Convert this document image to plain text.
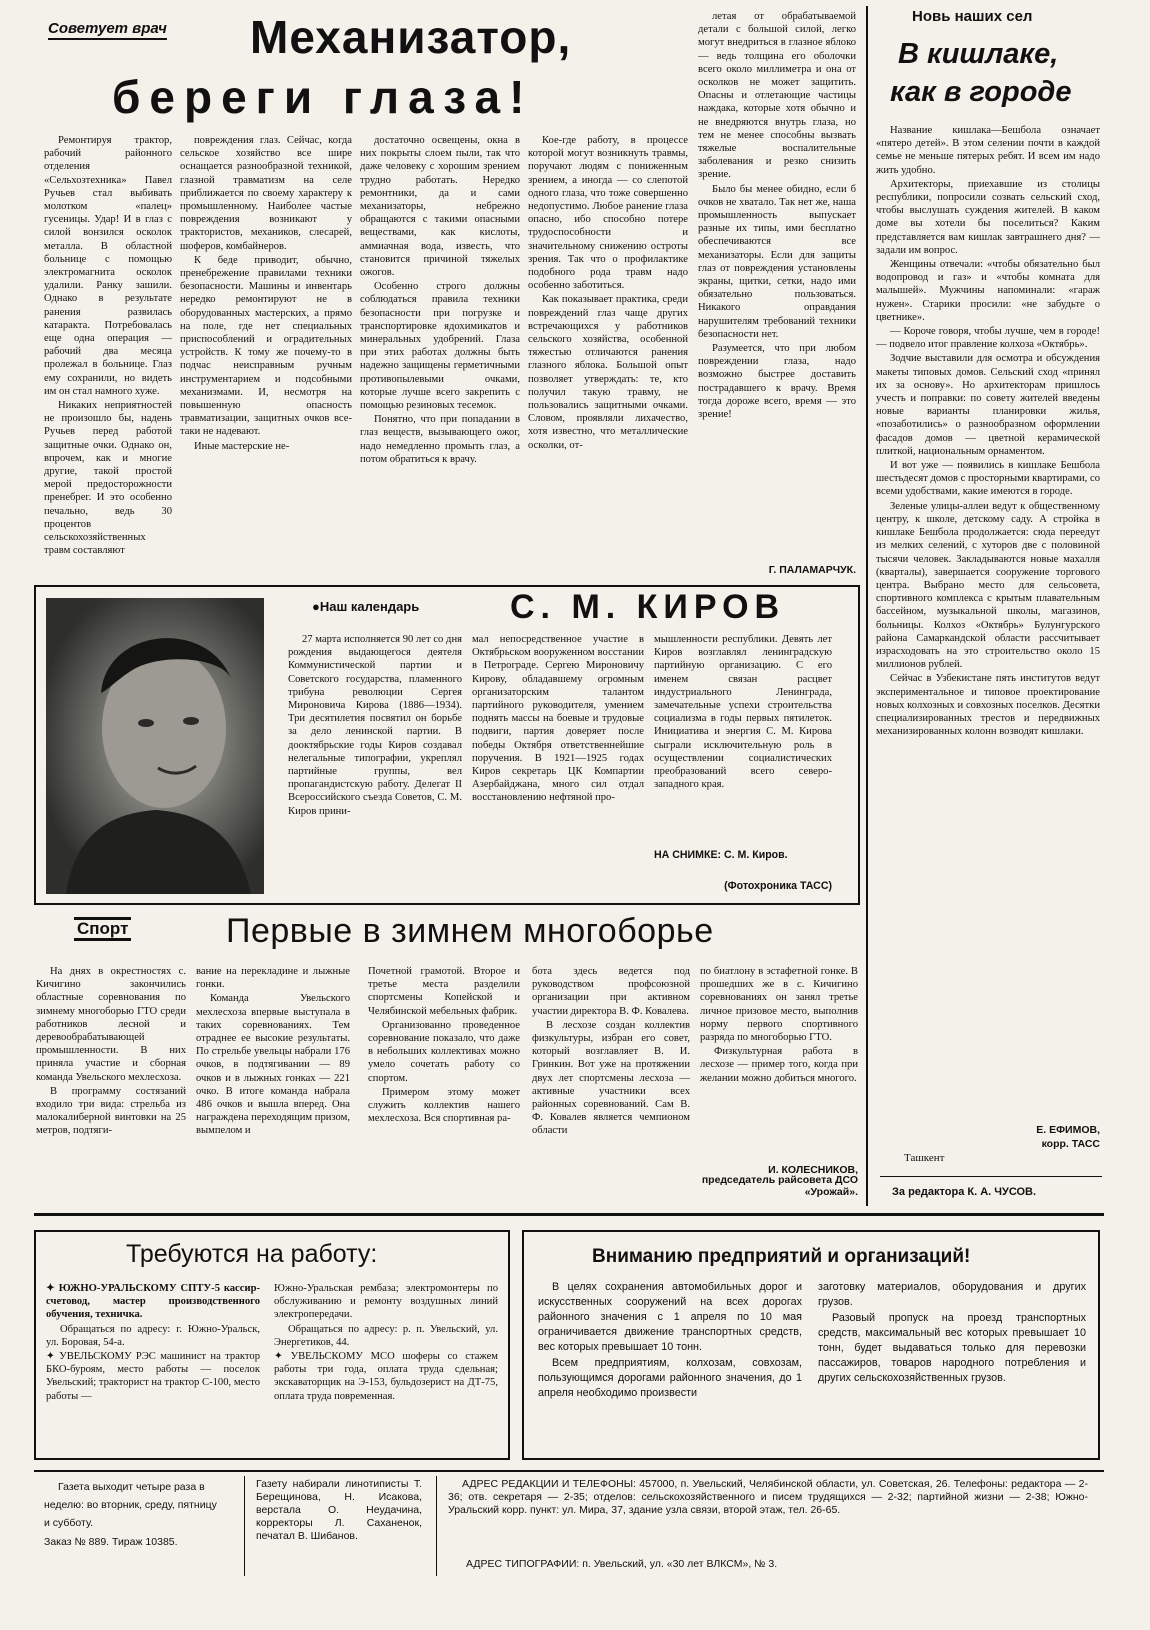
Советует врач Механизатор,
береги глаза!

Ремонтируя трактор, рабочий районного отделения «Сельхозтехника» Павел Ручьев стал выбивать молотком «палец» гусеницы. Удар! И в глаз с силой вонзился осколок металла. В областной больнице с помощью электромагнита осколок удалили. Ранку зашили. Однако в результате ранения развилась катаракта. Потребовалась еще одна операция — рабочий два месяца пролежал в больнице. Глаз ему сохранили, но видеть им он стал намного хуже.

Никаких неприятностей не произошло бы, надень Ручьев перед работой защитные очки. Однако он, впрочем, как и многие другие, такой простой мерой предосторожности пренебрег. И это особенно печально, ведь 30 процентов сельскохозяйственных травм составляют

повреждения глаз. Сейчас, когда сельское хозяйство все шире оснащается разнообразной техникой, глазной травматизм на селе приближается по своему характеру к промышленному. Наиболее частые повреждения возникают у трактористов, механиков, слесарей, шоферов, комбайнеров.

К беде приводит, обычно, пренебрежение правилами техники безопасности. Машины и инвентарь нередко ремонтируют не в оборудованных мастерских, а прямо на поле, где нет специальных приспособлений и оградительных устройств. К тому же почему-то в подчас неисправным ручным инструментарием и подсобными механизмами. И, несмотря на повышенную опасность травматизации, защитных очков все-таки не надевают.

Иные мастерские не-

достаточно освещены, окна в них покрыты слоем пыли, так что даже человеку с хорошим зрением трудно работать. Нередко ремонтники, да и сами механизаторы, небрежно обращаются с такими опасными веществами, как кислоты, аммиачная вода, известь, что становится причиной тяжелых ожогов.

Особенно строго должны соблюдаться правила техники безопасности при погрузке и транспортировке ядохимикатов и минеральных удобрений. Глаза при этих работах должны быть надежно защищены герметичными противопылевыми очками, которые лучше всего закрепить с помощью резиновых тесемок.

Понятно, что при попадании в глаз веществ, вызывающего ожог, надо немедленно промыть глаз, а потом обратиться к врачу.

Кое-где работу, в процессе которой могут возникнуть травмы, поручают людям с пониженным зрением, а иногда — со слепотой одного глаза, что тоже совершенно недопустимо. Любое ранение глаза опасно, ибо способно потере трудоспособности и значительному снижению остроты зрения. Так что о профилактике подобного рода травм надо особенно заботиться.

Как показывает практика, среди повреждений глаз чаще других встречающихся у работников сельского хозяйства, особенной тяжестью отличаются ранения глазного яблока. Большой опыт позволяет утверждать: те, кто получил такую травму, не пользовались защитными очками. Словом, проявляли лихачество, хотя известно, что металлические осколки, от-

летая от обрабатываемой детали с большой силой, легко могут внедриться в глазное яблоко — ведь толщина его оболочки всего около миллиметра и она от осколков не может защитить. Опасны и отлетающие частицы наждака, которые хотя обычно и не внедряются внутрь глаза, но тем не менее способны вызвать тяжелые воспалительные заболевания и резко снизить зрение.

Было бы менее обидно, если б очков не хватало. Так нет же, наша промышленность выпускает разные их типы, ими бесплатно обеспечиваются все механизаторы. Если для защиты глаз от повреждения установлены экраны, щитки, сетки, надо ими обязательно пользоваться. Никакого оправдания нарушителям требований техники безопасности нет.

Разумеется, что при любом повреждении глаза, надо возможно быстрее доставить пострадавшего к врачу. Время тогда дороже всего, время — это зрение!

Г. ПАЛАМАРЧУК.
●Наш календарь	С. М. КИРОВ

27 марта исполняется 90 лет со дня рождения выдающегося деятеля Коммунистической партии и Советского государства, пламенного трибуна революции Сергея Мироновича Кирова (1886—1934). Три десятилетия посвятил он борьбе за дело ленинской партии. В дооктябрьские годы Киров создавал нелегальные типографии, укреплял партийные группы, вел пропагандистскую работу. Делегат II Всероссийского съезда Советов, С. М. Киров прини-

мал непосредственное участие в Октябрьском вооруженном восстании в Петрограде. Сергею Мироновичу Кирову, обладавшему огромным организаторским талантом партийного руководителя, умением поднять массы на боевые и трудовые подвиги, партия доверяет после победы Октября ответственнейшие поручения. В 1921—1925 годах Киров секретарь ЦК Компартии Азербайджана, много сил отдал восстановлению нефтяной про-

мышленности республики. Девять лет Киров возглавлял ленинградскую партийную организацию. С его именем связан расцвет индустриального Ленинграда, замечательные успехи строительства социализма в годы первых пятилеток. Инициатива и энергия С. М. Кирова сыграли исключительную роль в осуществлении социалистических преобразований всего северо-западного края.

НА СНИМКЕ: С. М. Киров.
(Фотохроника ТАСС)
Спорт	Первые в зимнем многоборье

На днях в окрестностях с. Кичигино закончились областные соревнования по зимнему многоборью ГТО среди работников лесной и деревообрабатывающей промышленности. В них приняла участие и сборная команда Увельского мехлесхоза.

В программу состязаний входило три вида: стрельба из малокалиберной винтовки на 25 метров, подтяги-

вание на перекладине и лыжные гонки.

Команда Увельского мехлесхоза впервые выступала в таких соревнованиях. Тем отраднее ее высокие результаты. По стрельбе увельцы набрали 176 очков, в подтягивании — 89 очков и в лыжных гонках — 221 очко. В итоге команда набрала 486 очков и вышла вперед. Она награждена переходящим призом, вымпелом и

Почетной грамотой. Второе и третье места разделили спортсмены Копейской и Челябинской мебельных фабрик.

Организованно проведенное соревнование показало, что даже в небольших коллективах можно умело сочетать работу со спортом.

Примером этому может служить коллектив нашего мехлесхоза. Вся спортивная ра-

бота здесь ведется под руководством профсоюзной организации при активном участии директора В. Ф. Ковалева.

В лесхозе создан коллектив физкультуры, избран его совет, который возглавляет В. И. Гринкин. Вот уже на протяжении двух лет спортсмены лесхоза — активные участники всех районных соревнований. Сам В. Ф. Ковалев является чемпионом области

по биатлону в эстафетной гонке. В прошедших же в с. Кичигино соревнованиях он занял третье личное призовое место, выполнив норму первого спортивного разряда по многоборью ГТО.

Физкультурная работа в лесхозе — пример того, когда при желании можно добиться многого.

И. КОЛЕСНИКОВ,
председатель райсовета ДСО «Урожай».
Новь наших сел
В кишлаке,
как в городе

Название кишлака—Бешбола означает «пятеро детей». В этом селении почти в каждой семье не меньше пятерых ребят. И всем им надо жить удобно.

Архитекторы, приехавшие из столицы республики, попросили созвать сельский сход, чтобы выслушать суждения жителей. В каком доме вы хотели бы поселиться? Каким представляется вам кишлак завтрашнего дня? — задали им вопрос.

Женщины отвечали: «чтобы обязательно был водопровод и газ» и «чтобы комната для малышей». Мужчины напоминали: «гараж нужен». Старики просили: «не забудьте о цветнике».

— Короче говоря, чтобы лучше, чем в городе! — подвело итог правление колхоза «Октябрь».

Зодчие выставили для осмотра и обсуждения макеты типовых домов. Сельский сход «принял их за основу». Но архитекторам пришлось учесть и поправки: по совету жителей введены новые варианты планировки жилья, «позаботились» о разнообразном оформлении фасадов домов — цветной керамической плиткой, национальным орнаментом.

И вот уже — появились в кишлаке Бешбола шестьдесят домов с просторными квартирами, со всеми удобствами, какие имеются в городе.

Зеленые улицы-аллеи ведут к общественному центру, к школе, детскому саду. А стройка в кишлаке Бешбола продолжается: сюда переедут из мелких селений, с хуторов две с половиной тысячи человек. Закладываются новые махалля (кварталы), завершается сооружение торгового центра. Выбрано место для сельсовета, спортивного комплекса с крытым плавательным бассейном, музыкальной школы, магазинов, больницы. Колхоз «Октябрь» Булунгурского района Самаркандской области рассчитывает израсходовать на это строительство около 15 миллионов рублей.

Сейчас в Узбекистане пять институтов ведут экспериментальное и типовое проектирование новых колхозных и совхозных поселков. Десятки специализированных трестов и передвижных механизированных колонн возводят кишлаки.

Е. ЕФИМОВ,
корр. ТАСС
Ташкент
За редактора К. А. ЧУСОВ.
Требуются на работу:

✦ ЮЖНО-УРАЛЬСКОМУ СПТУ-5 кассир-счетовод, мастер производственного обучения, техничка.

Обращаться по адресу: г. Южно-Уральск, ул. Боровая, 54-а.

✦ УВЕЛЬСКОМУ РЭС машинист на трактор БКО-буроям, место работы — поселок Увельский; тракторист на трактор С-100, место работы —

Южно-Уральская рембаза; электромонтеры по обслуживанию и ремонту воздушных линий электропередачи.

Обращаться по адресу: р. п. Увельский, ул. Энергетиков, 44.

✦ УВЕЛЬСКОМУ МСО шоферы со стажем работы три года, оплата труда сдельная; экскаваторщик на Э-153, бульдозерист на ДТ-75, оплата труда повременная.

Вниманию предприятий и организаций!

В целях сохранения автомобильных дорог и искусственных сооружений на всех дорогах районного значения с 1 апреля по 10 мая ограничивается движение транспортных средств, вес которых превышает 10 тонн.

Всем предприятиям, колхозам, совхозам, пользующимся дорогами районного значения, до 1 апреля необходимо произвести

заготовку материалов, оборудования и других грузов.

Разовый пропуск на проезд транспортных средств, максимальный вес которых превышает 10 тонн, будет выдаваться только для перевозки пассажиров, товаров народного потребления и других сельскохозяйственных грузов.

Газета выходит четыре раза в неделю: во вторник, среду, пятницу и субботу.

Заказ № 889. Тираж 10385.

Газету набирали линотиписты Т. Берещинова, Н. Исакова, верстала О. Неудачина, корректоры Л. Саханенок, печатал В. Шибанов.

АДРЕС РЕДАКЦИИ И ТЕЛЕФОНЫ: 457000, п. Увельский, Челябинской области, ул. Советская, 26. Телефоны: редактора — 2-36; отв. секретаря — 2-35; отделов: сельскохозяйственного и писем трудящихся — 2-32; партийной жизни — 2-38; Южно-Уральский корр. пункт: ул. Мира, 37, здание узла связи, второй этаж, тел. 26-65.

АДРЕС ТИПОГРАФИИ: п. Увельский, ул. «30 лет ВЛКСМ», № 3.
